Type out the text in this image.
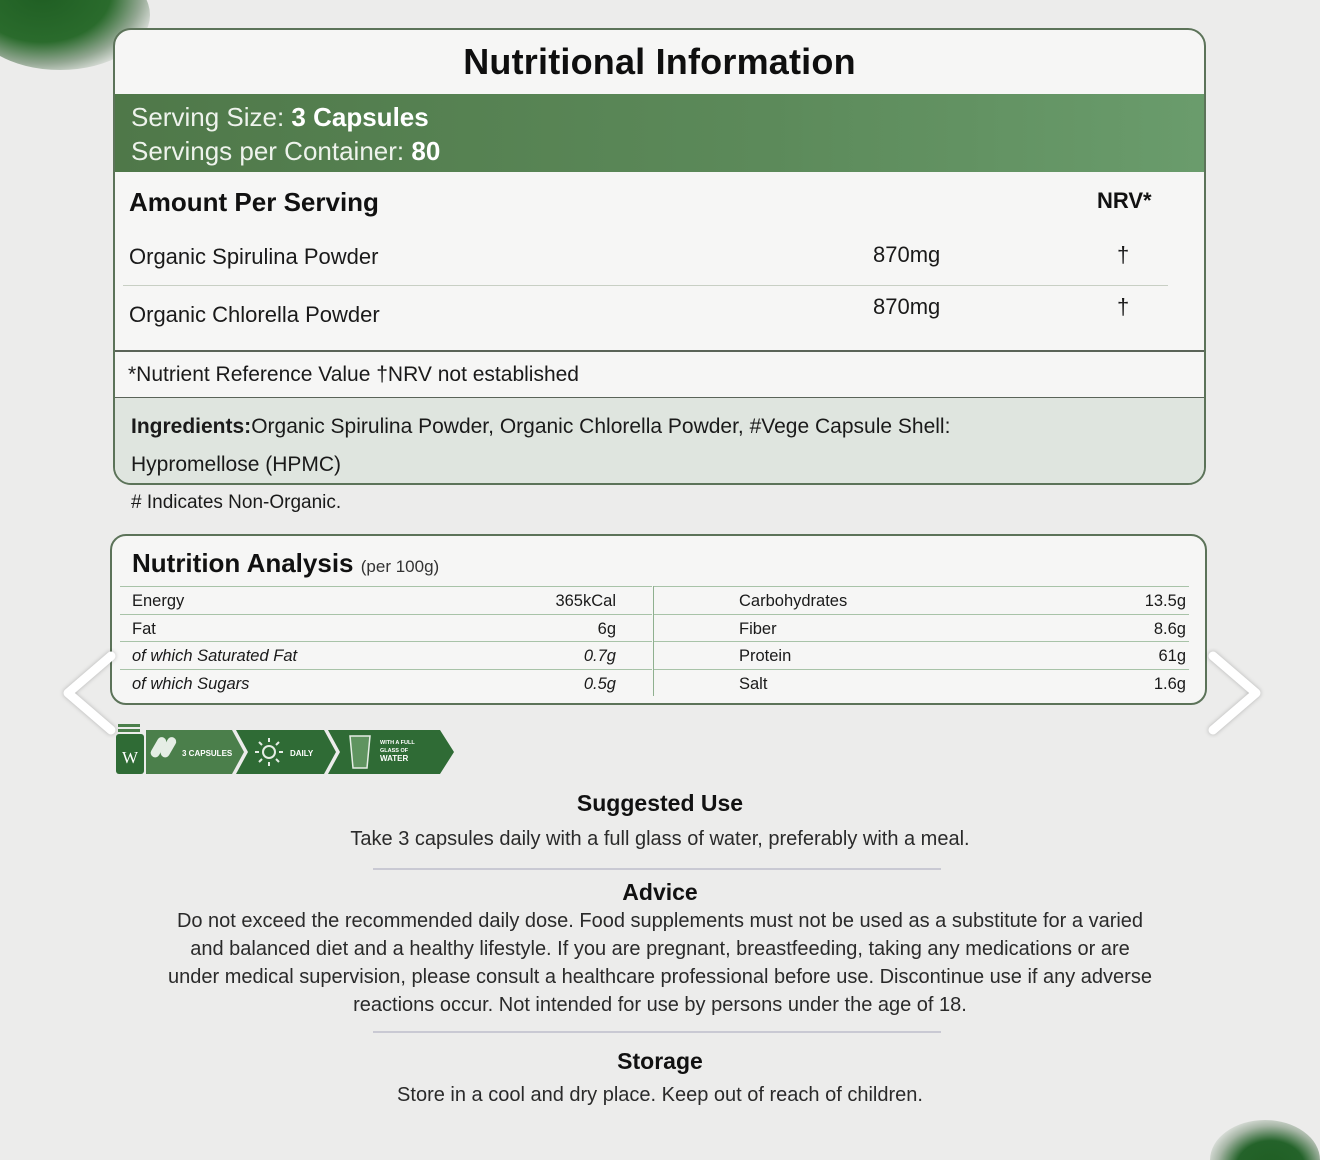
Nutritional Information
Serving Size: 3 Capsules
Servings per Container: 80
Amount Per Serving	NRV*
Organic Spirulina Powder	870mg	†
Organic Chlorella Powder	870mg	†
*Nutrient Reference Value †NRV not established
Ingredients:Organic Spirulina Powder, Organic Chlorella Powder, #Vege Capsule Shell:
Hypromellose (HPMC)
# Indicates Non-Organic.
Nutrition Analysis (per 100g)
Energy	365kCal
Fat	6g
of which Saturated Fat	0.7g
of which Sugars	0.5g
Carbohydrates	13.5g
Fiber	8.6g
Protein	61g
Salt	1.6g
W	3 CAPSULES	DAILY
WITH A FULL
GLASS OF
WATER
Suggested Use

Take 3 capsules daily with a full glass of water, preferably with a meal.

Advice

Do not exceed the recommended daily dose. Food supplements must not be used as a substitute for a varied

and balanced diet and a healthy lifestyle. If you are pregnant, breastfeeding, taking any medications or are

under medical supervision, please consult a healthcare professional before use. Discontinue use if any adverse

reactions occur. Not intended for use by persons under the age of 18.

Storage

Store in a cool and dry place. Keep out of reach of children.
